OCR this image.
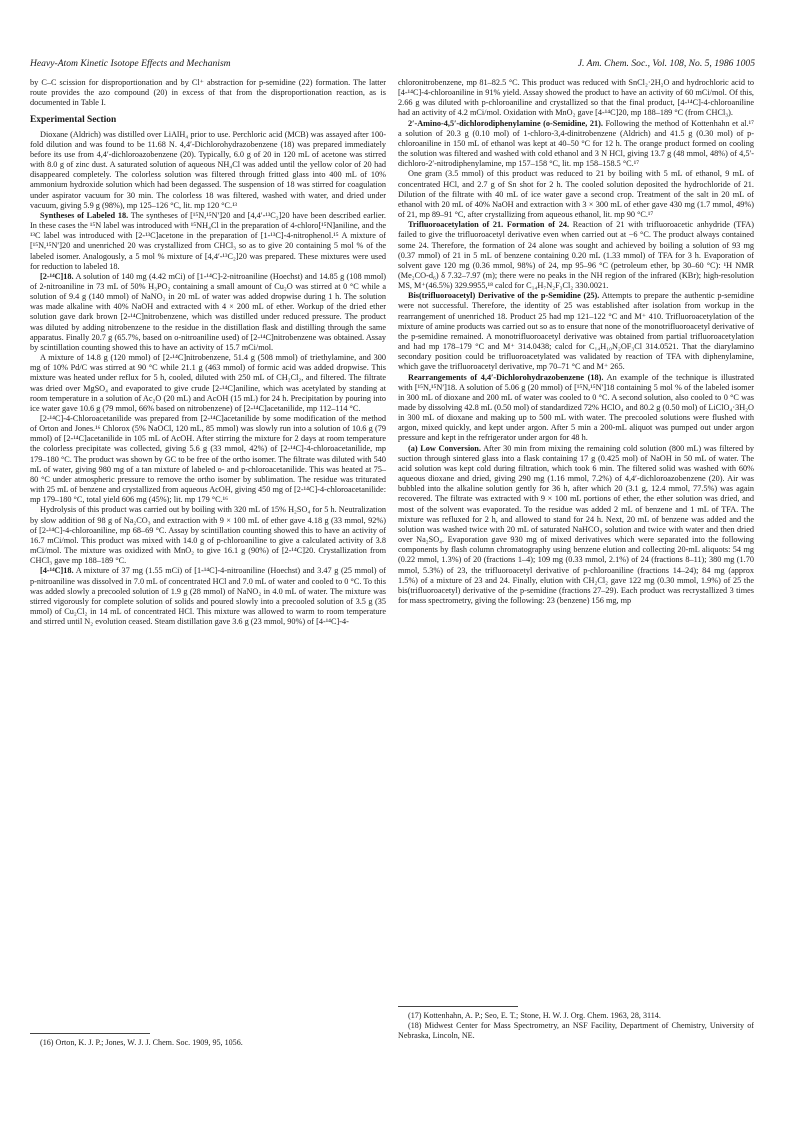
Heavy-Atom Kinetic Isotope Effects and Mechanism	J. Am. Chem. Soc., Vol. 108, No. 5, 1986 1005

by C–C scission for disproportionation and by Cl⁺ abstraction for p-semidine (22) formation. The latter route provides the azo compound (20) in excess of that from the disproportionation reaction, as is documented in Table I.

Experimental Section

Dioxane (Aldrich) was distilled over LiAlH₄ prior to use. Perchloric acid (MCB) was assayed after 100-fold dilution and was found to be 11.68 N. 4,4′-Dichlorohydrazobenzene (18) was prepared immediately before its use from 4,4′-dichloroazobenzene (20). Typically, 6.0 g of 20 in 120 mL of acetone was stirred with 8.0 g of zinc dust. A saturated solution of aqueous NH₄Cl was added until the yellow color of 20 had disappeared completely. The colorless solution was filtered through fritted glass into 400 mL of 10% ammonium hydroxide solution which had been degassed. The suspension of 18 was stirred for coagulation under aspirator vacuum for 30 min. The colorless 18 was filtered, washed with water, and dried under vacuum, giving 5.9 g (98%), mp 125–126 °C, lit. mp 120 °C.¹³

Syntheses of Labeled 18. The syntheses of [¹⁵N,¹⁵N′]20 and [4,4′-¹³C₂]20 have been described earlier. In these cases the ¹⁵N label was introduced with ¹⁵NH₄Cl in the preparation of 4-chloro[¹⁵N]aniline, and the ¹³C label was introduced with [2-¹³C]acetone in the preparation of [1-¹³C]-4-nitrophenol.¹⁵ A mixture of [¹⁵N,¹⁵N′]20 and unenriched 20 was crystallized from CHCl₃ so as to give 20 containing 5 mol % of the labeled isomer. Analogously, a 5 mol % mixture of [4,4′-¹³C₂]20 was prepared. These mixtures were used for reduction to labeled 18.

[2-¹⁴C]18. A solution of 140 mg (4.42 mCi) of [1-¹⁴C]-2-nitroaniline (Hoechst) and 14.85 g (108 mmol) of 2-nitroaniline in 73 mL of 50% H₃PO₂ containing a small amount of Cu₂O was stirred at 0 °C while a solution of 9.4 g (140 mmol) of NaNO₂ in 20 mL of water was added dropwise during 1 h. The solution was made alkaline with 40% NaOH and extracted with 4 × 200 mL of ether. Workup of the dried ether solution gave dark brown [2-¹⁴C]nitrobenzene, which was distilled under reduced pressure. The product was diluted by adding nitrobenzene to the residue in the distillation flask and distilling through the same apparatus. Finally 20.7 g (65.7%, based on o-nitroaniline used) of [2-¹⁴C]nitrobenzene was obtained. Assay by scintillation counting showed this to have an activity of 15.7 mCi/mol.

A mixture of 14.8 g (120 mmol) of [2-¹⁴C]nitrobenzene, 51.4 g (508 mmol) of triethylamine, and 300 mg of 10% Pd/C was stirred at 90 °C while 21.1 g (463 mmol) of formic acid was added dropwise. This mixture was heated under reflux for 5 h, cooled, diluted with 250 mL of CH₂Cl₂, and filtered. The filtrate was dried over MgSO₄ and evaporated to give crude [2-¹⁴C]aniline, which was acetylated by standing at room temperature in a solution of Ac₂O (20 mL) and AcOH (15 mL) for 24 h. Precipitation by pouring into ice water gave 10.6 g (79 mmol, 66% based on nitrobenzene) of [2-¹⁴C]acetanilide, mp 112–114 °C.

[2-¹⁴C]-4-Chloroacetanilide was prepared from [2-¹⁴C]acetanilide by some modification of the method of Orton and Jones.¹⁶ Chlorox (5% NaOCl, 120 mL, 85 mmol) was slowly run into a solution of 10.6 g (79 mmol) of [2-¹⁴C]acetanilide in 105 mL of AcOH. After stirring the mixture for 2 days at room temperature the colorless precipitate was collected, giving 5.6 g (33 mmol, 42%) of [2-¹⁴C]-4-chloroacetanilide, mp 179–180 °C. The product was shown by GC to be free of the ortho isomer. The filtrate was diluted with 540 mL of water, giving 980 mg of a tan mixture of labeled o- and p-chloroacetanilide. This was heated at 75–80 °C under atmospheric pressure to remove the ortho isomer by sublimation. The residue was triturated with 25 mL of benzene and crystallized from aqueous AcOH, giving 450 mg of [2-¹⁴C]-4-chloroacetanilide: mp 179–180 °C, total yield 606 mg (45%); lit. mp 179 °C.¹⁶

Hydrolysis of this product was carried out by boiling with 320 mL of 15% H₂SO₄ for 5 h. Neutralization by slow addition of 98 g of Na₂CO₃ and extraction with 9 × 100 mL of ether gave 4.18 g (33 mmol, 92%) of [2-¹⁴C]-4-chloroaniline, mp 68–69 °C. Assay by scintillation counting showed this to have an activity of 16.7 mCi/mol. This product was mixed with 14.0 g of p-chloroaniline to give a calculated activity of 3.8 mCi/mol. The mixture was oxidized with MnO₂ to give 16.1 g (90%) of [2-¹⁴C]20. Crystallization from CHCl₃ gave mp 188–189 °C.

[4-¹⁴C]18. A mixture of 37 mg (1.55 mCi) of [1-¹⁴C]-4-nitroaniline (Hoechst) and 3.47 g (25 mmol) of p-nitroaniline was dissolved in 7.0 mL of concentrated HCl and 7.0 mL of water and cooled to 0 °C. To this was added slowly a precooled solution of 1.9 g (28 mmol) of NaNO₂ in 4.0 mL of water. The mixture was stirred vigorously for complete solution of solids and poured slowly into a precooled solution of 3.5 g (35 mmol) of Cu₂Cl₂ in 14 mL of concentrated HCl. This mixture was allowed to warm to room temperature and stirred until N₂ evolution ceased. Steam distillation gave 3.6 g (23 mmol, 90%) of [4-¹⁴C]-4-

(16) Orton, K. J. P.; Jones, W. J. J. Chem. Soc. 1909, 95, 1056.

chloronitrobenzene, mp 81–82.5 °C. This product was reduced with SnCl₂·2H₂O and hydrochloric acid to [4-¹⁴C]-4-chloroaniline in 91% yield. Assay showed the product to have an activity of 60 mCi/mol. Of this, 2.66 g was diluted with p-chloroaniline and crystallized so that the final product, [4-¹⁴C]-4-chloroaniline had an activity of 4.2 mCi/mol. Oxidation with MnO₂ gave [4-¹⁴C]20, mp 188–189 °C (from CHCl₃).

2′-Amino-4,5′-dichlorodiphenylamine (o-Semidine, 21). Following the method of Kottenhahn et al.¹⁷ a solution of 20.3 g (0.10 mol) of 1-chloro-3,4-dinitrobenzene (Aldrich) and 41.5 g (0.30 mol) of p-chloroaniline in 150 mL of ethanol was kept at 40–50 °C for 12 h. The orange product formed on cooling the solution was filtered and washed with cold ethanol and 3 N HCl, giving 13.7 g (48 mmol, 48%) of 4,5′-dichloro-2′-nitrodiphenylamine, mp 157–158 °C, lit. mp 158–158.5 °C.¹⁷

One gram (3.5 mmol) of this product was reduced to 21 by boiling with 5 mL of ethanol, 9 mL of concentrated HCl, and 2.7 g of Sn shot for 2 h. The cooled solution deposited the hydrochloride of 21. Dilution of the filtrate with 40 mL of ice water gave a second crop. Treatment of the salt in 20 mL of ethanol with 20 mL of 40% NaOH and extraction with 3 × 300 mL of ether gave 430 mg (1.7 mmol, 49%) of 21, mp 89–91 °C, after crystallizing from aqueous ethanol, lit. mp 90 °C.¹⁷

Trifluoroacetylation of 21. Formation of 24. Reaction of 21 with trifluoroacetic anhydride (TFA) failed to give the trifluoroacetyl derivative even when carried out at −6 °C. The product always contained some 24. Therefore, the formation of 24 alone was sought and achieved by boiling a solution of 93 mg (0.37 mmol) of 21 in 5 mL of benzene containing 0.20 mL (1.33 mmol) of TFA for 3 h. Evaporation of solvent gave 120 mg (0.36 mmol, 98%) of 24, mp 95–96 °C (petroleum ether, bp 30–60 °C): ¹H NMR (Me₂CO-d₆) δ 7.32–7.97 (m); there were no peaks in the NH region of the infrared (KBr); high-resolution MS, M⁺(46.5%) 329.9955,¹⁸ calcd for C₁₄H₇N₂F₃Cl₂ 330.0021.

Bis(trifluoroacetyl) Derivative of the p-Semidine (25). Attempts to prepare the authentic p-semidine were not successful. Therefore, the identity of 25 was established after isolation from workup in the rearrangement of unenriched 18. Product 25 had mp 121–122 °C and M⁺ 410. Trifluoroacetylation of the mixture of amine products was carried out so as to ensure that none of the monotrifluoroacetyl derivative of the p-semidine remained. A monotrifluoroacetyl derivative was obtained from partial trifluoroacetylation and had mp 178–179 °C and M⁺ 314.0438; calcd for C₁₄H₁₀N₂OF₃Cl 314.0521. That the diarylamino secondary position could be trifluoroacetylated was validated by reaction of TFA with diphenylamine, which gave the trifluoroacetyl derivative, mp 70–71 °C and M⁺ 265.

Rearrangements of 4,4′-Dichlorohydrazobenzene (18). An example of the technique is illustrated with [¹⁵N,¹⁵N′]18. A solution of 5.06 g (20 mmol) of [¹⁵N,¹⁵N′]18 containing 5 mol % of the labeled isomer in 300 mL of dioxane and 200 mL of water was cooled to 0 °C. A second solution, also cooled to 0 °C was made by dissolving 42.8 mL (0.50 mol) of standardized 72% HClO₄ and 80.2 g (0.50 mol) of LiClO₄·3H₂O in 300 mL of dioxane and making up to 500 mL with water. The precooled solutions were flushed with argon, mixed quickly, and kept under argon. After 5 min a 200-mL aliquot was pumped out under argon pressure and kept in the refrigerator under argon for 48 h.

(a) Low Conversion. After 30 min from mixing the remaining cold solution (800 mL) was filtered by suction through sintered glass into a flask containing 17 g (0.425 mol) of NaOH in 50 mL of water. The acid solution was kept cold during filtration, which took 6 min. The filtered solid was washed with 60% aqueous dioxane and dried, giving 290 mg (1.16 mmol, 7.2%) of 4,4′-dichloroazobenzene (20). Air was bubbled into the alkaline solution gently for 36 h, after which 20 (3.1 g, 12.4 mmol, 77.5%) was again recovered. The filtrate was extracted with 9 × 100 mL portions of ether, the ether solution was dried, and most of the solvent was evaporated. To the residue was added 2 mL of benzene and 1 mL of TFA. The mixture was refluxed for 2 h, and allowed to stand for 24 h. Next, 20 mL of benzene was added and the solution was washed twice with 20 mL of saturated NaHCO₃ solution and twice with water and then dried over Na₂SO₄. Evaporation gave 930 mg of mixed derivatives which were separated into the following components by flash column chromatography using benzene elution and collecting 20-mL aliquots: 54 mg (0.22 mmol, 1.3%) of 20 (fractions 1–4); 109 mg (0.33 mmol, 2.1%) of 24 (fractions 8–11); 380 mg (1.70 mmol, 5.3%) of 23, the trifluoroacetyl derivative of p-chloroaniline (fractions 14–24); 84 mg (approx 1.5%) of a mixture of 23 and 24. Finally, elution with CH₂Cl₂ gave 122 mg (0.30 mmol, 1.9%) of 25 the bis(trifluoroacetyl) derivative of the p-semidine (fractions 27–29). Each product was recrystallized 3 times for mass spectrometry, giving the following: 23 (benzene) 156 mg, mp

(17) Kottenhahn, A. P.; Seo, E. T.; Stone, H. W. J. Org. Chem. 1963, 28, 3114.

(18) Midwest Center for Mass Spectrometry, an NSF Facility, Department of Chemistry, University of Nebraska, Lincoln, NE.
